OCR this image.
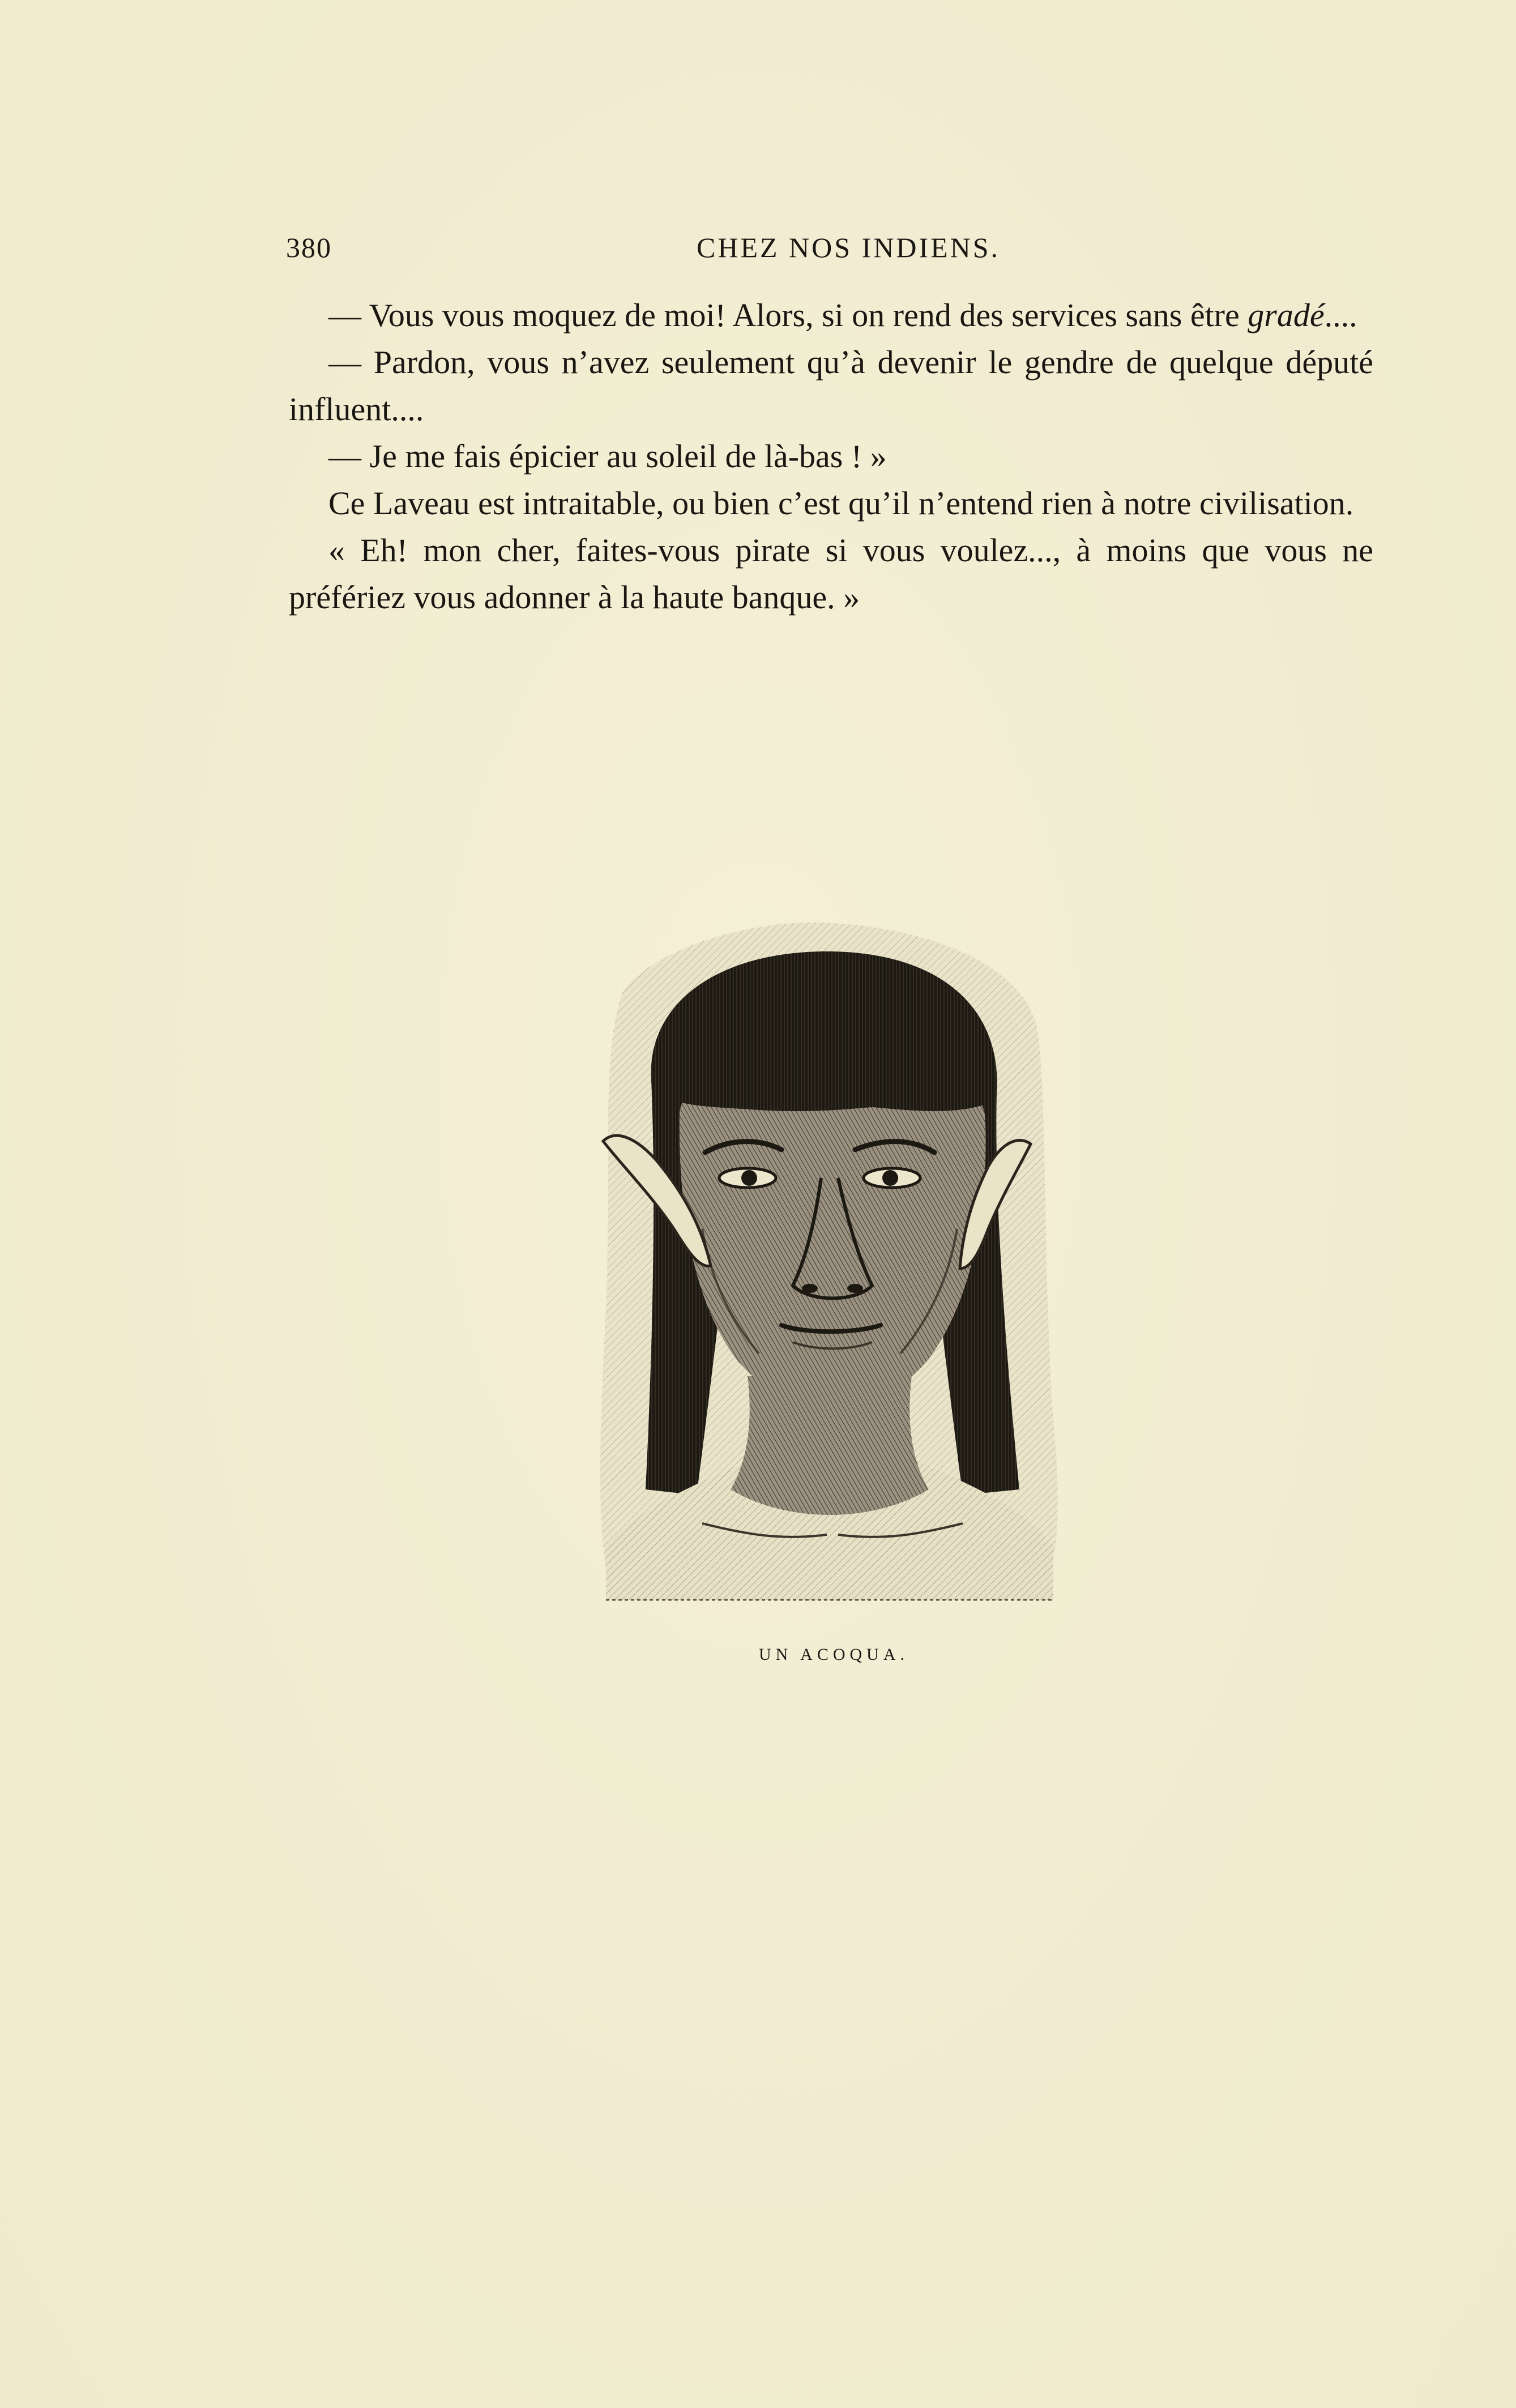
380	CHEZ NOS INDIENS.

— Vous vous moquez de moi! Alors, si on rend des services sans être gradé....

— Pardon, vous n’avez seulement qu’à devenir le gendre de quelque député influent....

— Je me fais épicier au soleil de là-bas ! »

Ce Laveau est intraitable, ou bien c’est qu’il n’entend rien à notre civilisation.

« Eh! mon cher, faites-vous pirate si vous voulez..., à moins que vous ne préfériez vous adonner à la haute banque. »

UN ACOQUA.
